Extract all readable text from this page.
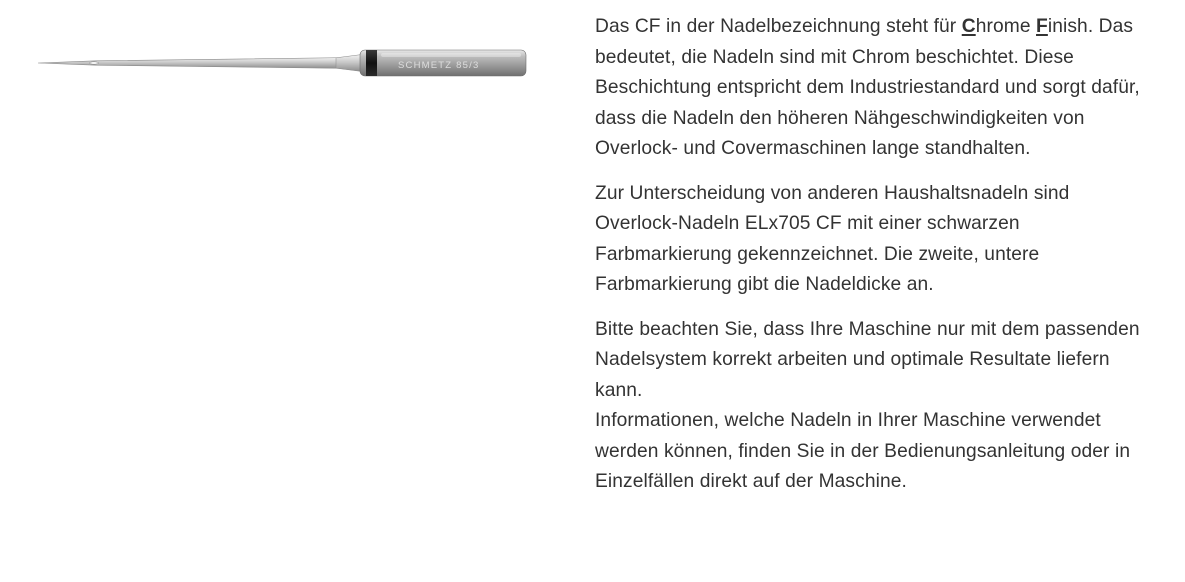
SCHMETZ 85/3

Das CF in der Nadelbezeichnung steht für Chrome Finish. Das bedeutet, die Nadeln sind mit Chrom beschichtet. Diese Beschichtung entspricht dem Industriestandard und sorgt dafür, dass die Nadeln den höheren Nähgeschwindigkeiten von Overlock- und Covermaschinen lange standhalten.

Zur Unterscheidung von anderen Haushaltsnadeln sind Overlock-Nadeln ELx705 CF mit einer schwarzen Farbmarkierung gekennzeichnet. Die zweite, untere Farbmarkierung gibt die Nadeldicke an.

Bitte beachten Sie, dass Ihre Maschine nur mit dem passenden Nadelsystem korrekt arbeiten und optimale Resultate liefern kann.

Informationen, welche Nadeln in Ihrer Maschine verwendet werden können, finden Sie in der Bedienungsanleitung oder in Einzelfällen direkt auf der Maschine.
